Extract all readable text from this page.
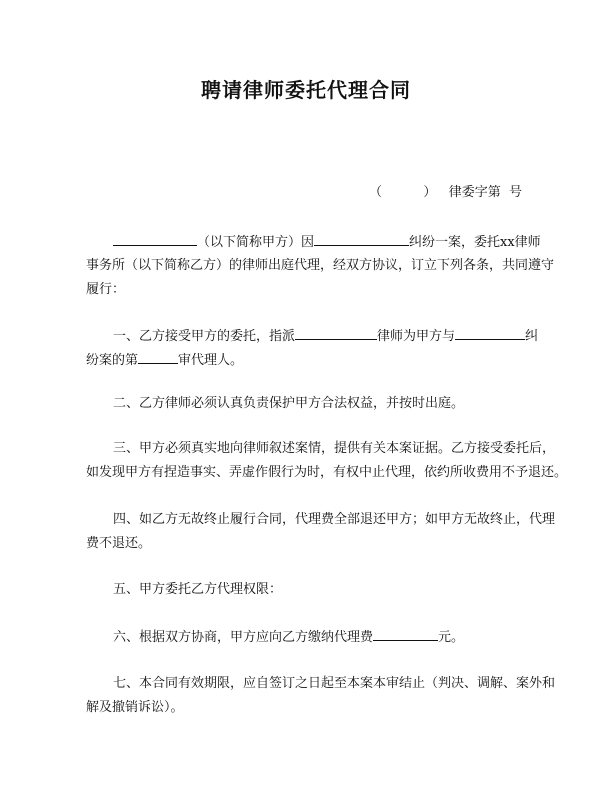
聘请律师委托代理合同
（          ）   律委字第  号
（以下简称甲方）因	纠纷一案，委托xx律师
事务所（以下简称乙方）的律师出庭代理，经双方协议，订立下列各条，共同遵守
履行：
一、乙方接受甲方的委托，指派	律师为甲方与	纠
纷案的第	审代理人。
二、乙方律师必须认真负责保护甲方合法权益，并按时出庭。
三、甲方必须真实地向律师叙述案情，提供有关本案证据。乙方接受委托后，
如发现甲方有捏造事实、弄虚作假行为时，有权中止代理，依约所收费用不予退还。
四、如乙方无故终止履行合同，代理费全部退还甲方；如甲方无故终止，代理
费不退还。
五、甲方委托乙方代理权限：
六、根据双方协商，甲方应向乙方缴纳代理费	元。
七、本合同有效期限，应自签订之日起至本案本审结止（判决、调解、案外和
解及撤销诉讼）。
